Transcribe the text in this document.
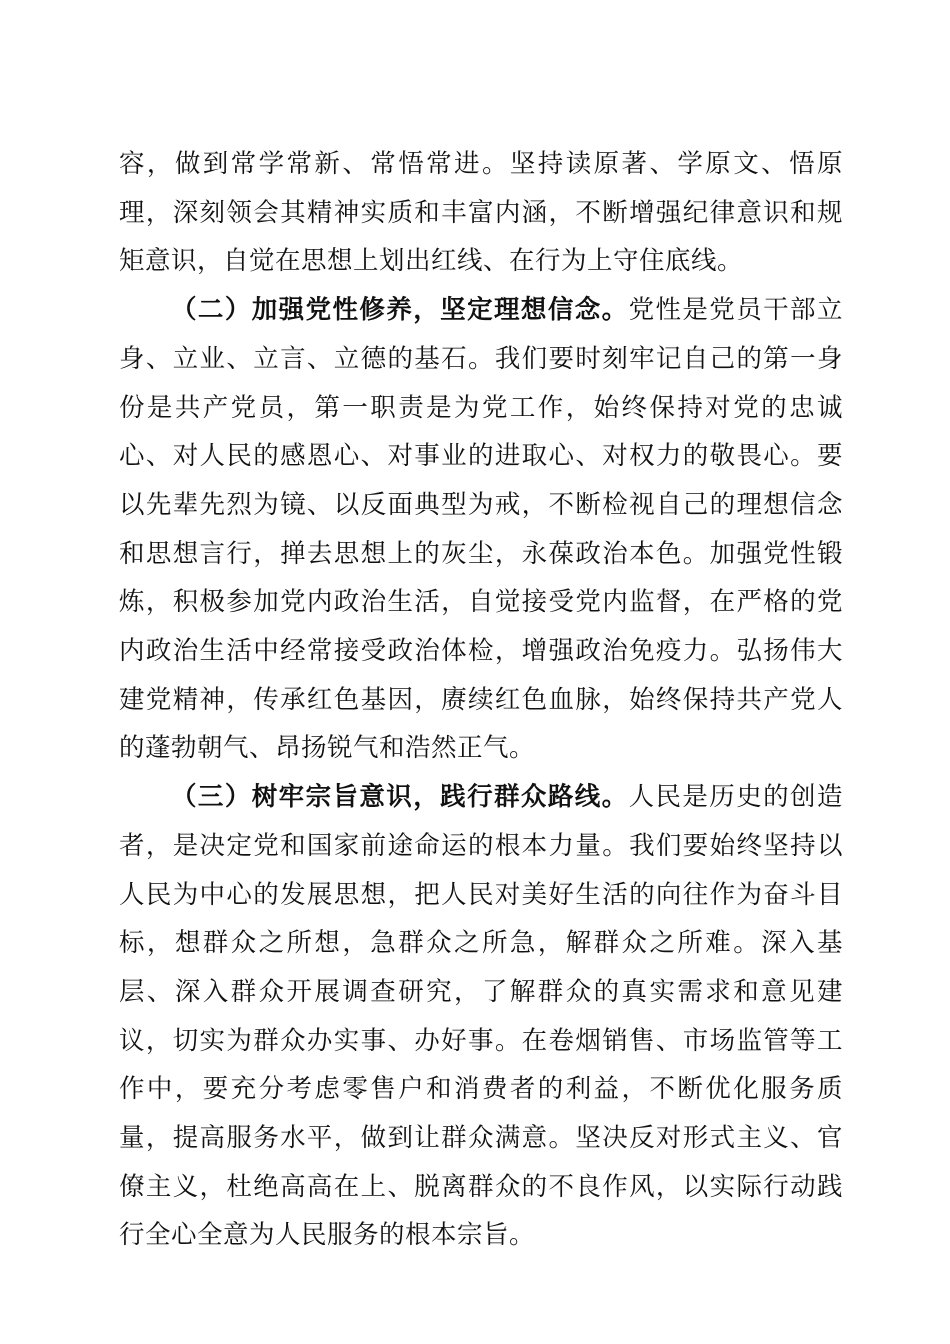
容，做到常学常新、常悟常进。坚持读原著、学原文、悟原理，深刻领会其精神实质和丰富内涵，不断增强纪律意识和规矩意识，自觉在思想上划出红线、在行为上守住底线。

（二）加强党性修养，坚定理想信念。党性是党员干部立身、立业、立言、立德的基石。我们要时刻牢记自己的第一身份是共产党员，第一职责是为党工作，始终保持对党的忠诚心、对人民的感恩心、对事业的进取心、对权力的敬畏心。要以先辈先烈为镜、以反面典型为戒，不断检视自己的理想信念和思想言行，掸去思想上的灰尘，永葆政治本色。加强党性锻炼，积极参加党内政治生活，自觉接受党内监督，在严格的党内政治生活中经常接受政治体检，增强政治免疫力。弘扬伟大建党精神，传承红色基因，赓续红色血脉，始终保持共产党人的蓬勃朝气、昂扬锐气和浩然正气。

（三）树牢宗旨意识，践行群众路线。人民是历史的创造者，是决定党和国家前途命运的根本力量。我们要始终坚持以人民为中心的发展思想，把人民对美好生活的向往作为奋斗目标，想群众之所想，急群众之所急，解群众之所难。深入基层、深入群众开展调查研究，了解群众的真实需求和意见建议，切实为群众办实事、办好事。在卷烟销售、市场监管等工作中，要充分考虑零售户和消费者的利益，不断优化服务质量，提高服务水平，做到让群众满意。坚决反对形式主义、官僚主义，杜绝高高在上、脱离群众的不良作风，以实际行动践行全心全意为人民服务的根本宗旨。
